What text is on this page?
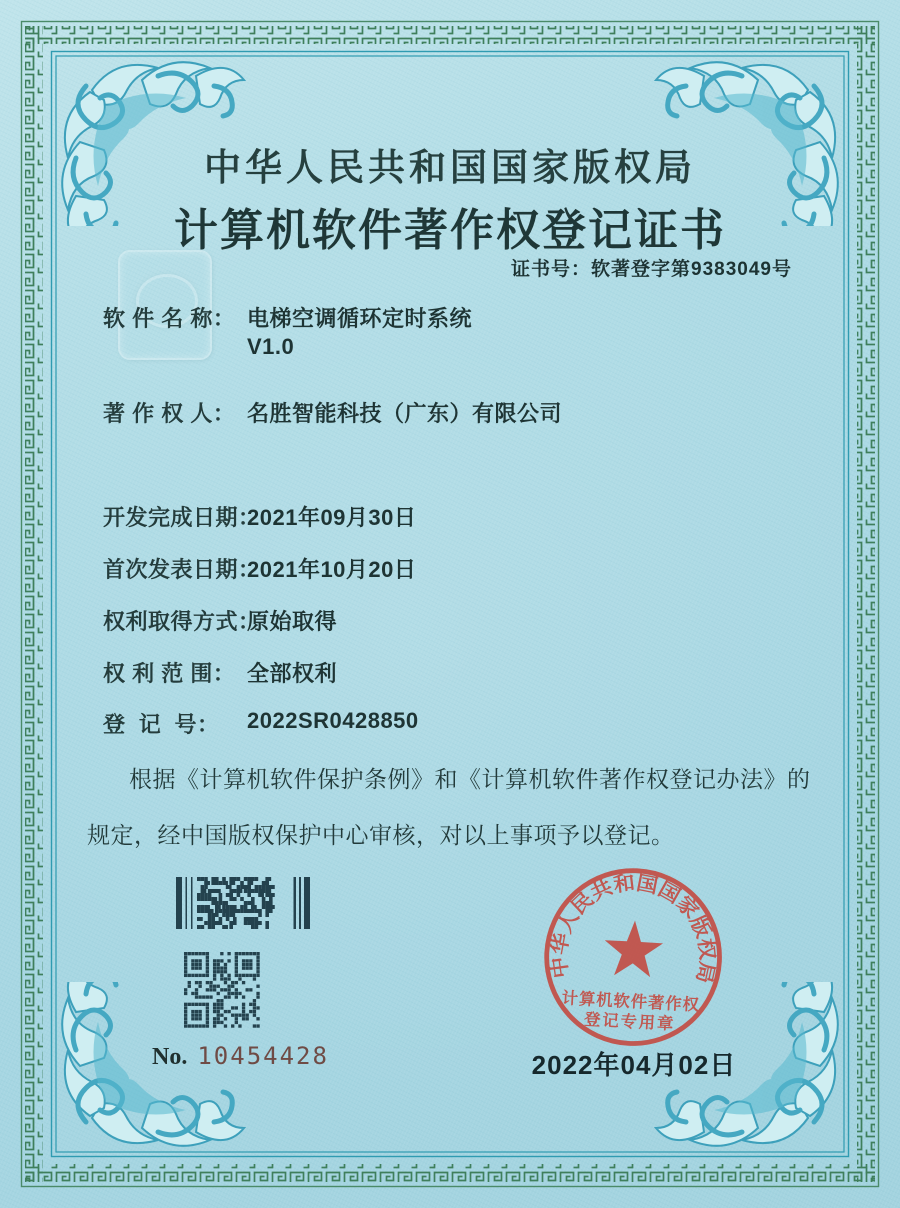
中华人民共和国国家版权局
计算机软件著作权登记证书
证书号：软著登字第9383049号
软 件 名 称： 电梯空调循环定时系统
V1.0
著 作 权 人： 名胜智能科技（广东）有限公司
开发完成日期：
2021年09月30日
首次发表日期：
2021年10月20日
权利取得方式：
原始取得
权 利 范 围： 全部权利
登  记  号： 2022SR0428850
根据《计算机软件保护条例》和《计算机软件著作权登记办法》的
规定，经中国版权保护中心审核，对以上事项予以登记。
No. 10454428
中华人民共和国国家版权局
计算机软件著作权
登记专用章
2022年04月02日
